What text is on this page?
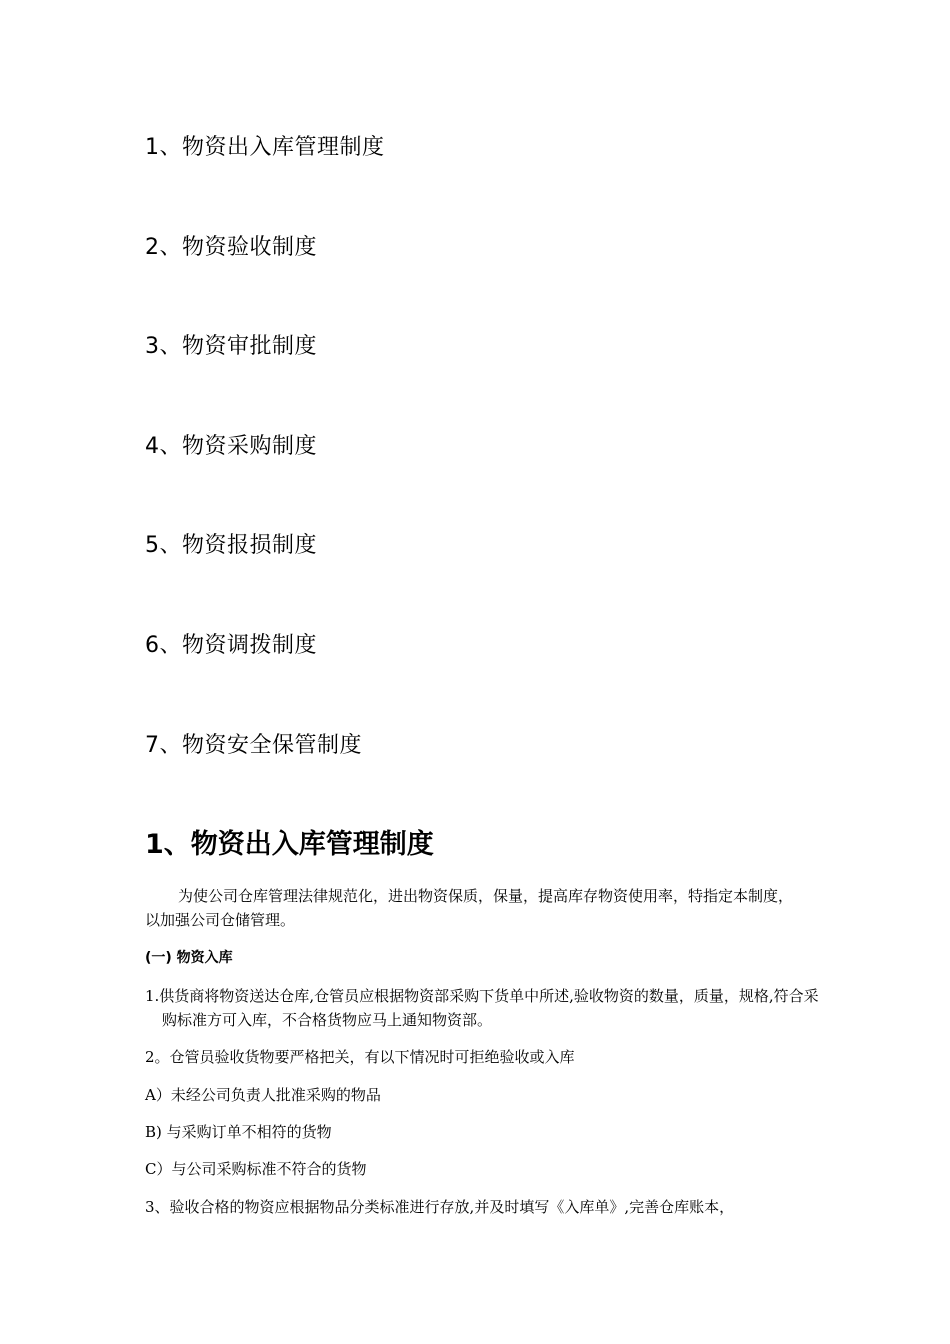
1、物资出入库管理制度
2、物资验收制度
3、物资审批制度
4、物资采购制度
5、物资报损制度
6、物资调拨制度
7、物资安全保管制度
1、物资出入库管理制度
为使公司仓库管理法律规范化，进出物资保质，保量，提高库存物资使用率，特指定本制度，以加强公司仓储管理。
(一) 物资入库
1.供货商将物资送达仓库,仓管员应根据物资部采购下货单中所述,验收物资的数量，质量，规格,符合采购标准方可入库，不合格货物应马上通知物资部。
2。仓管员验收货物要严格把关，有以下情况时可拒绝验收或入库
A）未经公司负责人批准采购的物品
B) 与采购订单不相符的货物
C）与公司采购标准不符合的货物
3、验收合格的物资应根据物品分类标准进行存放,并及时填写《入库单》,完善仓库账本，
